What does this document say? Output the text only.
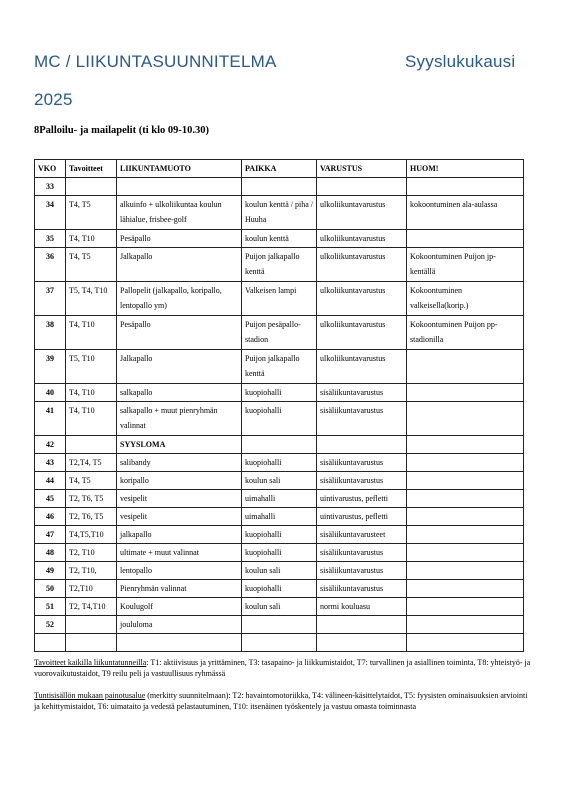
MC / LIIKUNTASUUNNITELMA	Syyslukukausi
2025
8Palloilu- ja mailapelit (ti klo 09-10.30)
VKO	Tavoitteet	LIIKUNTAMUOTO	PAIKKA	VARUSTUS	HUOM!
33					
34	T4, T5	alkuinfo + ulkoliikuntaa koulun lähialue, frisbee-golf	koulun kenttä / piha / Huuha	ulkoliikuntavarustus	kokoontuminen ala-aulassa
35	T4, T10	Pesäpallo	koulun kenttä	ulkoliikuntavarustus	
36	T4, T5	Jalkapallo	Puijon jalkapallo kenttä	ulkoliikuntavarustus	Kokoontuminen Puijon jp-kentällä
37	T5, T4, T10	Pallopelit (jalkapallo, koripallo, lentopallo ym)	Valkeisen lampi	ulkoliikuntavarustus	Kokoontuminen valkeisella(korip.)
38	T4, T10	Pesäpallo	Puijon pesäpallo-stadion	ulkoliikuntavarustus	Kokoontuminen Puijon pp-stadionilla
39	T5, T10	Jalkapallo	Puijon jalkapallo kenttä	ulkoliikuntavarustus	
40	T4, T10	salkapallo	kuopiohalli	sisäliikuntavarustus	
41	T4, T10	salkapallo + muut pienryhmän valinnat	kuopiohalli	sisäliikuntavarustus	
42		SYYSLOMA			
43	T2,T4, T5	salibandy	kuopiohalli	sisäliikuntavarustus	
44	T4, T5	koripallo	koulun sali	sisäliikuntavarustus	
45	T2, T6, T5	vesipelit	uimahalli	uintivarustus, pefletti	
46	T2, T6, T5	vesipelit	uimahalli	uintivarustus, pefletti	
47	T4,T5,T10	jalkapallo	kuopiohalli	sisäliikuntavarusteet	
48	T2, T10	ultimate + muut valinnat	kuopiohalli	sisäliikuntavarustus	
49	T2, T10,	lentopallo	koulun sali	sisäliikuntavarustus	
50	T2,T10	Pienryhmän valinnat	kuopiohalli	sisäliikuntavarustus	
51	T2, T4,T10	Koulugolf	koulun sali	normi kouluasu	
52		joululoma			

Tavoitteet kaikilla liikuntatunneilla: T1: aktiivisuus ja yrittäminen, T3: tasapaino- ja liikkumistaidot, T7: turvallinen ja asiallinen toiminta, T8: yhteistyö- ja vuorovaikutustaidot, T9 reilu peli ja vastuullisuus ryhmässä
Tuntisisällön mukaan painotusalue (merkitty suunnitelmaan): T2: havaintomotoriikka, T4: välineen-käsittelytaidot, T5: fyysisten ominaisuuksien arviointi ja kehittymistaidot, T6: uimataito ja vedestä pelastautuminen, T10: itsenäinen työskentely ja vastuu omasta toiminnasta
